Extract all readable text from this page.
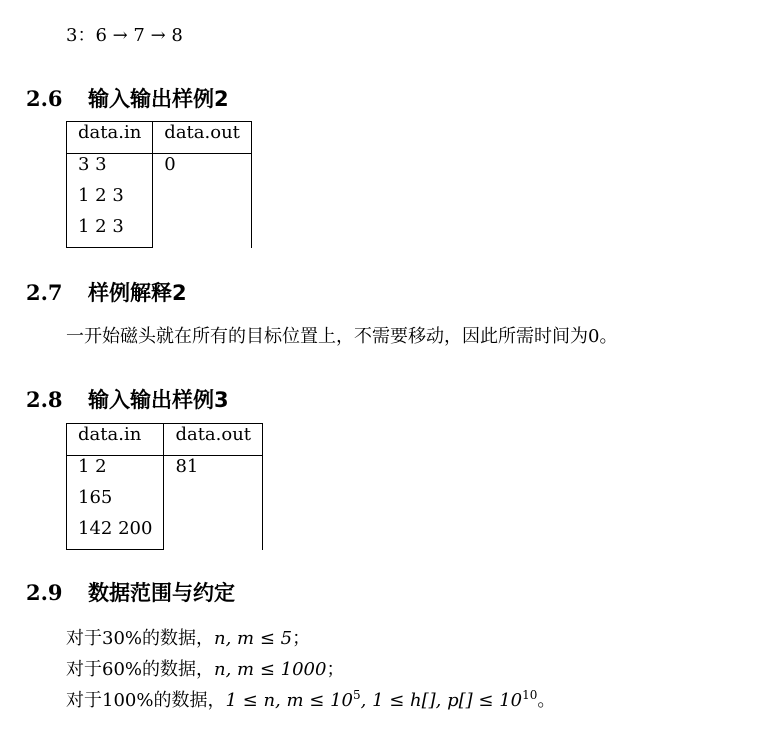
3：6 → 7 → 8
2.6 输入输出样例2
data.in	data.out
3 3	0
1 2 3	
1 2 3	
2.7 样例解释2
一开始磁头就在所有的目标位置上，不需要移动，因此所需时间为0。
2.8 输入输出样例3
data.in	data.out
1 2	81
165	
142 200	
2.9 数据范围与约定
对于30%的数据，n, m ≤ 5；
对于60%的数据，n, m ≤ 1000；
对于100%的数据，1 ≤ n, $m \le 10^5$, 1 ≤ h[], $p[] \le 10^{10}$。
